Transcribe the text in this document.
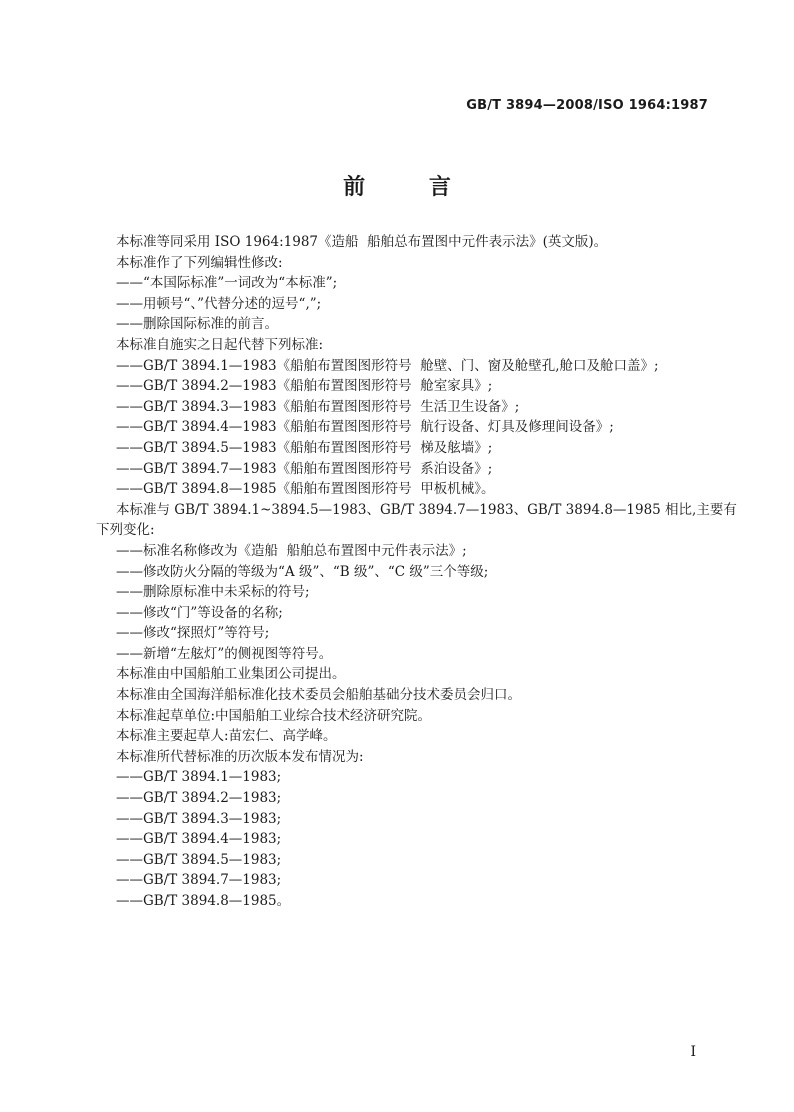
GB/T 3894—2008/ISO 1964:1987
前 言
本标准等同采用 ISO 1964:1987《造船  船舶总布置图中元件表示法》(英文版)。
本标准作了下列编辑性修改:
——“本国际标准”一词改为“本标准”;
——用顿号“、”代替分述的逗号“,”;
——删除国际标准的前言。
本标准自施实之日起代替下列标准:
——GB/T 3894.1—1983《船舶布置图图形符号  舱壁、门、窗及舱壁孔,舱口及舱口盖》;
——GB/T 3894.2—1983《船舶布置图图形符号  舱室家具》;
——GB/T 3894.3—1983《船舶布置图图形符号  生活卫生设备》;
——GB/T 3894.4—1983《船舶布置图图形符号  航行设备、灯具及修理间设备》;
——GB/T 3894.5—1983《船舶布置图图形符号  梯及舷墙》;
——GB/T 3894.7—1983《船舶布置图图形符号  系泊设备》;
——GB/T 3894.8—1985《船舶布置图图形符号  甲板机械》。
本标准与 GB/T 3894.1~3894.5—1983、GB/T 3894.7—1983、GB/T 3894.8—1985 相比,主要有
下列变化:
——标准名称修改为《造船  船舶总布置图中元件表示法》;
——修改防火分隔的等级为“A 级”、“B 级”、“C 级”三个等级;
——删除原标准中未采标的符号;
——修改“门”等设备的名称;
——修改“探照灯”等符号;
——新增“左舷灯”的侧视图等符号。
本标准由中国船舶工业集团公司提出。
本标准由全国海洋船标准化技术委员会船舶基础分技术委员会归口。
本标准起草单位:中国船舶工业综合技术经济研究院。
本标准主要起草人:苗宏仁、高学峰。
本标准所代替标准的历次版本发布情况为:
——GB/T 3894.1—1983;
——GB/T 3894.2—1983;
——GB/T 3894.3—1983;
——GB/T 3894.4—1983;
——GB/T 3894.5—1983;
——GB/T 3894.7—1983;
——GB/T 3894.8—1985。
I
